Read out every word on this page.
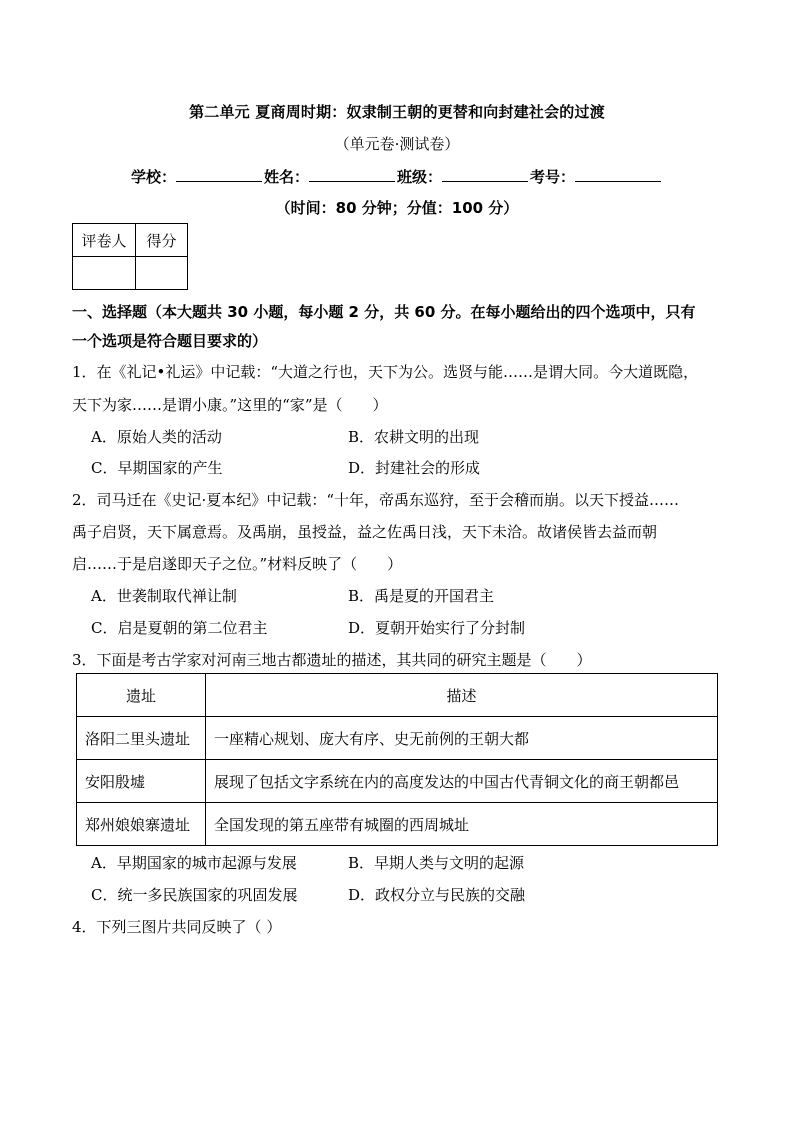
第二单元 夏商周时期：奴隶制王朝的更替和向封建社会的过渡
（单元卷·测试卷）
学校：	姓名：	班级：	考号：
（时间：80 分钟；分值：100 分）
评卷人	得分

一、选择题（本大题共 30 小题，每小题 2 分，共 60 分。在每小题给出的四个选项中，只有
一个选项是符合题目要求的）
1．在《礼记•礼运》中记载：“大道之行也，天下为公。选贤与能……是谓大同。今大道既隐，
天下为家……是谓小康。”这里的“家”是（　　）
A．原始人类的活动	B．农耕文明的出现
C．早期国家的产生	D．封建社会的形成
2．司马迁在《史记·夏本纪》中记载：“十年，帝禹东巡狩，至于会稽而崩。以天下授益……
禹子启贤，天下属意焉。及禹崩，虽授益，益之佐禹日浅，天下未洽。故诸侯皆去益而朝
启……于是启遂即天子之位。”材料反映了（　　）
A．世袭制取代禅让制	B．禹是夏的开国君主
C．启是夏朝的第二位君主	D．夏朝开始实行了分封制
3．下面是考古学家对河南三地古都遗址的描述，其共同的研究主题是（　　）
遗址	描述
洛阳二里头遗址	一座精心规划、庞大有序、史无前例的王朝大都
安阳殷墟	展现了包括文字系统在内的高度发达的中国古代青铜文化的商王朝都邑
郑州娘娘寨遗址	全国发现的第五座带有城圈的西周城址
A．早期国家的城市起源与发展	B．早期人类与文明的起源
C．统一多民族国家的巩固发展	D．政权分立与民族的交融
4．下列三图片共同反映了（ ）
